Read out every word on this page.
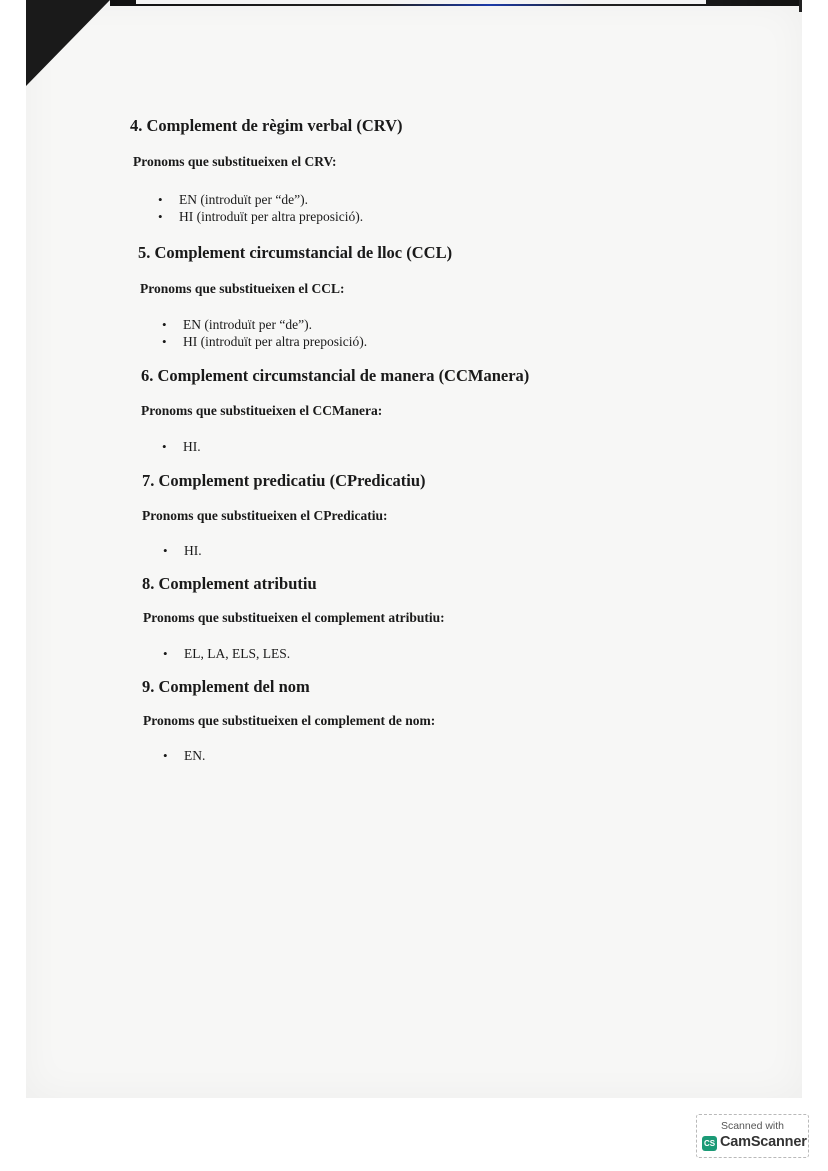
4. Complement de règim verbal (CRV)
Pronoms que substitueixen el CRV:
• EN (introduït per “de”).
• HI (introduït per altra preposició).
5. Complement circumstancial de lloc (CCL)
Pronoms que substitueixen el CCL:
• EN (introduït per “de”).
• HI (introduït per altra preposició).
6. Complement circumstancial de manera (CCManera)
Pronoms que substitueixen el CCManera:
• HI.
7. Complement predicatiu (CPredicatiu)
Pronoms que substitueixen el CPredicatiu:
• HI.
8. Complement atributiu
Pronoms que substitueixen el complement atributiu:
• EL, LA, ELS, LES.
9. Complement del nom
Pronoms que substitueixen el complement de nom:
• EN.
Scanned with
CS CamScanner
